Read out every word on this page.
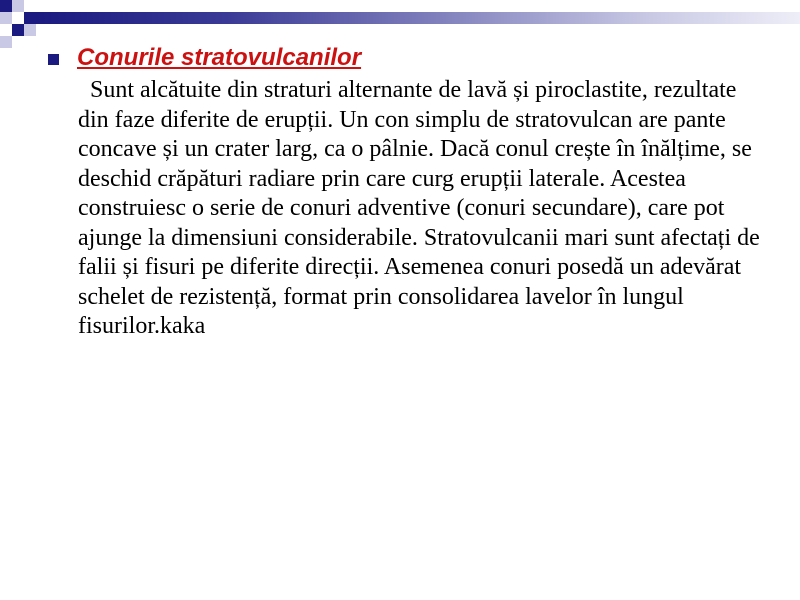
Conurile stratovulcanilor

Sunt alcătuite din straturi alternante de lavă și piroclastite, rezultate din faze diferite de erupții. Un con simplu de stratovulcan are pante concave și un crater larg, ca o pâlnie. Dacă conul crește în înălțime, se deschid crăpături radiare prin care curg erupții laterale. Acestea construiesc o serie de conuri adventive (conuri secundare), care pot ajunge la dimensiuni considerabile. Stratovulcanii mari sunt afectați de falii și fisuri pe diferite direcții. Asemenea conuri posedă un adevărat schelet de rezistență, format prin consolidarea lavelor în lungul fisurilor.kaka
